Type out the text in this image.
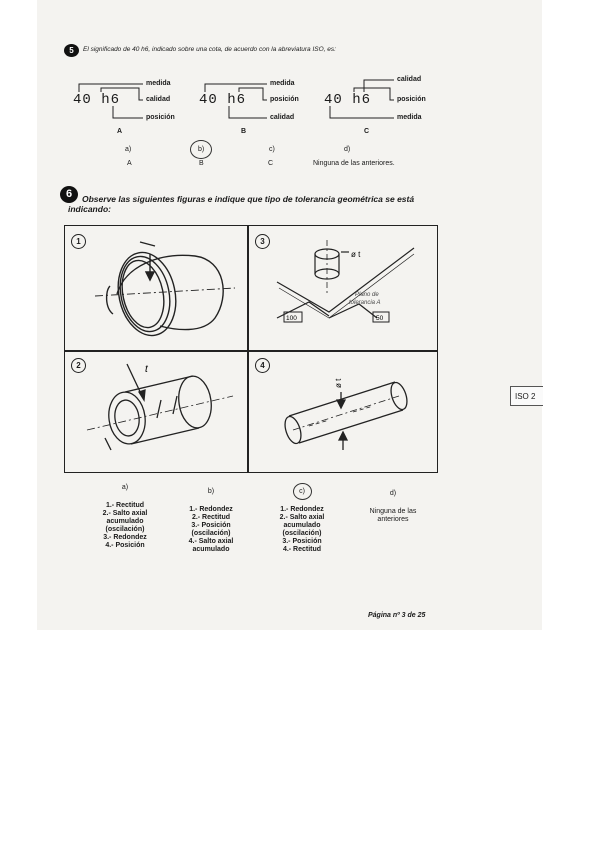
ISO 2
5	El significado de 40 h6, indicado sobre una cota, de acuerdo con la abreviatura ISO, es:
40 h6
medida
calidad
posición
A
40 h6
medida
posición
calidad
B
40 h6
calidad
posición
medida
C
a)	b)	c)	d)
A	B	C	Ninguna de las anteriores.
6	Observe las siguientes figuras e indique que tipo de tolerancia geométrica se está
indicando:
1
ø t
Plano de
tolerancia A
100	50
3
t
2
ø t
4
a)
1.- Rectitud
2.- Salto axial
acumulado
(oscilación)
3.- Redondez
4.- Posición
b)
1.- Redondez
2.- Rectitud
3.- Posición
(oscilación)
4.- Salto axial
acumulado
c)
1.- Redondez
2.- Salto axial
acumulado
(oscilación)
3.- Posición
4.- Rectitud
d)
Ninguna de las
anteriores
Página nº 3 de 25
